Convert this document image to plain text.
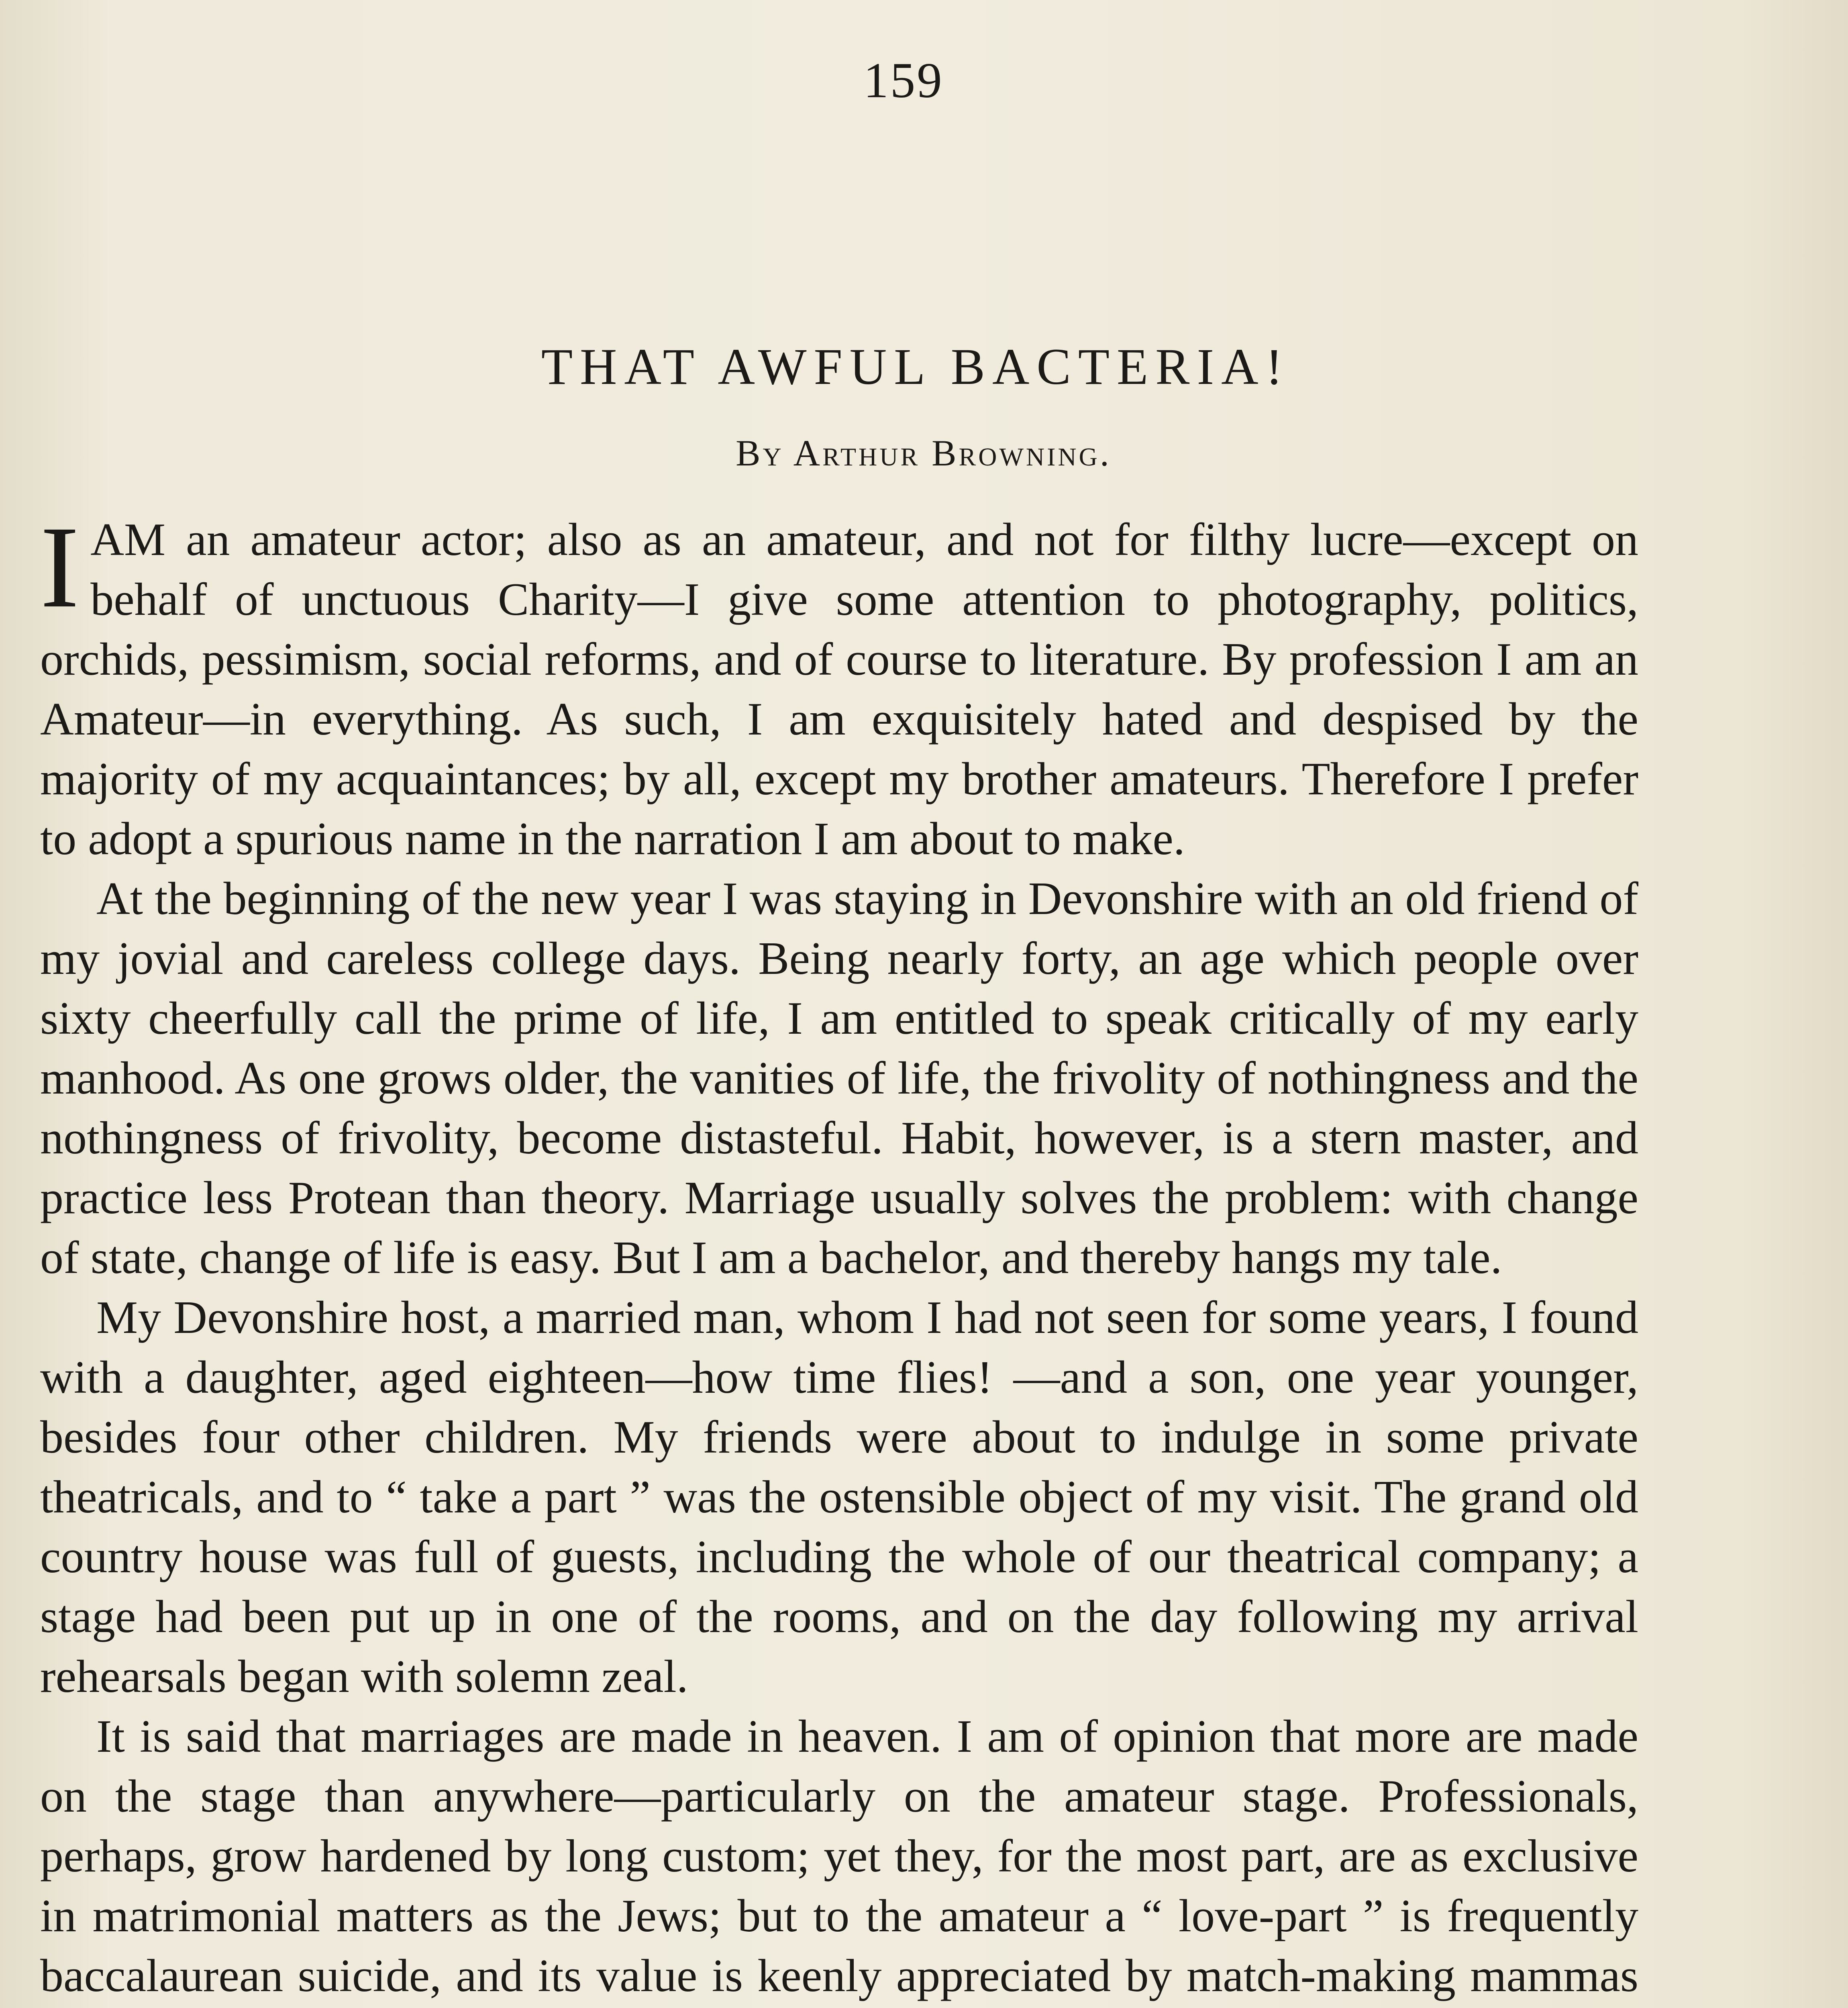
159
THAT AWFUL BACTERIA!
By Arthur Browning.

I AM an amateur actor; also as an amateur, and not for filthy lucre—except on behalf of unctuous Charity—I give some attention to photography, politics, orchids, pessimism, social reforms, and of course to literature. By profession I am an Amateur—in everything. As such, I am exquisitely hated and despised by the majority of my acquaintances; by all, except my brother amateurs. Therefore I prefer to adopt a spurious name in the narration I am about to make.

At the beginning of the new year I was staying in Devonshire with an old friend of my jovial and careless college days. Being nearly forty, an age which people over sixty cheerfully call the prime of life, I am entitled to speak critically of my early manhood. As one grows older, the vanities of life, the frivolity of nothingness and the nothingness of frivolity, become distasteful. Habit, however, is a stern master, and practice less Protean than theory. Marriage usually solves the problem: with change of state, change of life is easy. But I am a bachelor, and thereby hangs my tale.

My Devonshire host, a married man, whom I had not seen for some years, I found with a daughter, aged eighteen—how time flies! —and a son, one year younger, besides four other children. My friends were about to indulge in some private theatricals, and to “ take a part ” was the ostensible object of my visit. The grand old country house was full of guests, including the whole of our theatrical company; a stage had been put up in one of the rooms, and on the day following my arrival rehearsals began with solemn zeal.

It is said that marriages are made in heaven. I am of opinion that more are made on the stage than anywhere—particularly on the amateur stage. Professionals, perhaps, grow hardened by long custom; yet they, for the most part, are as exclusive in matrimonial matters as the Jews; but to the amateur a “ love-part ” is frequently baccalaurean suicide, and its value is keenly appreciated by match-making mammas
